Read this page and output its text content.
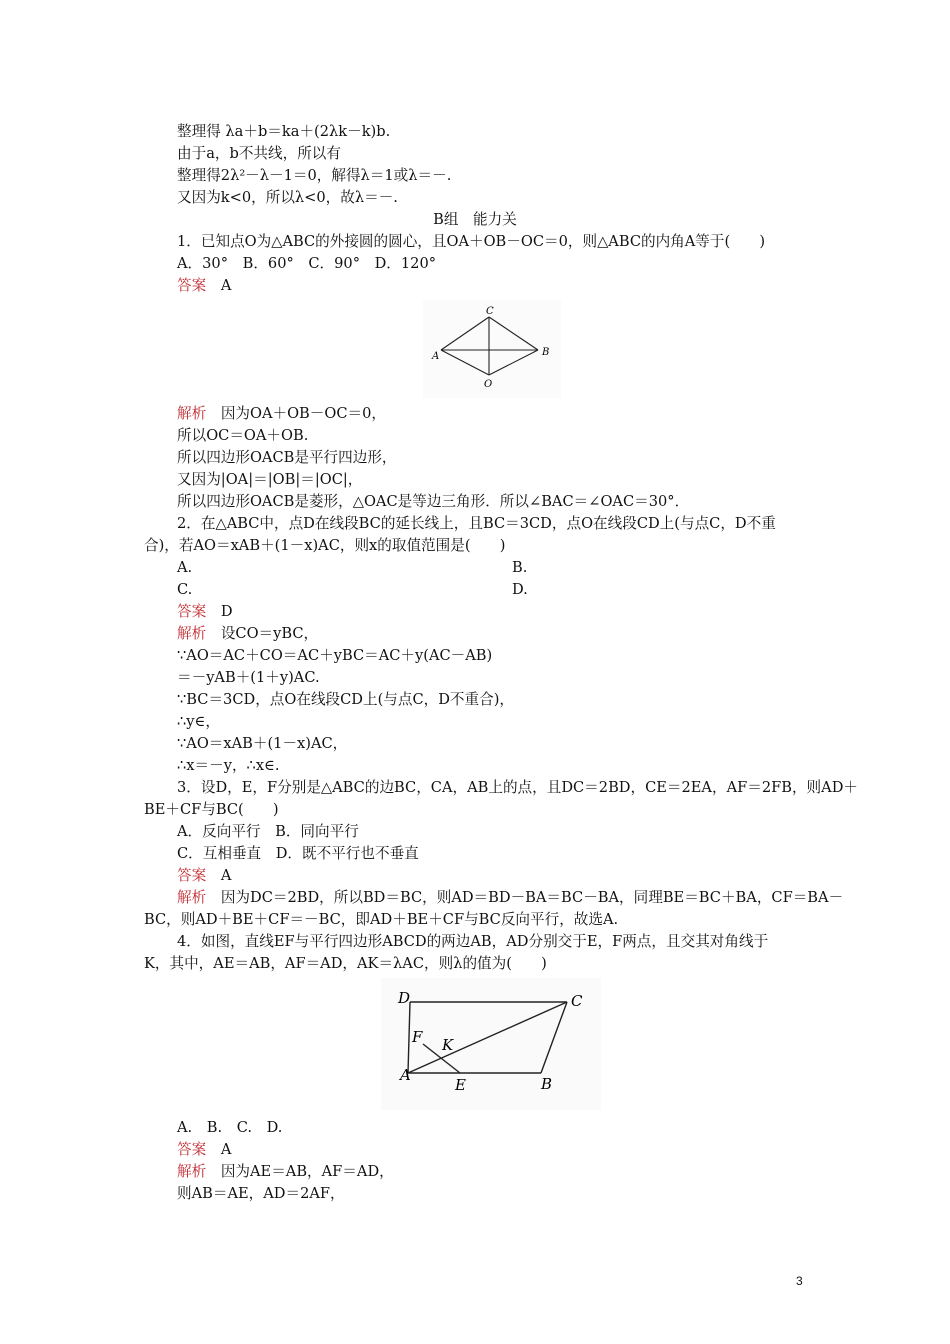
整理得 λa＋b＝ka＋(2λk－k)b.
由于a，b不共线，所以有
整理得2λ²－λ－1＝0，解得λ＝1或λ＝－.
又因为k<0，所以λ<0，故λ＝－.
B组　能力关
1．已知点O为△ABC的外接圆的圆心，且OA＋OB－OC＝0，则△ABC的内角A等于(　　)
A．30°　B．60°　C．90°　D．120°
答案　 A
C
A	B
O
解析　 因为OA＋OB－OC＝0，
所以OC＝OA＋OB.
所以四边形OACB是平行四边形，
又因为|OA|＝|OB|＝|OC|，
所以四边形OACB是菱形，△OAC是等边三角形．所以∠BAC＝∠OAC＝30°．
2．在△ABC中，点D在线段BC的延长线上，且BC＝3CD，点O在线段CD上(与点C，D不重
合)，若AO＝xAB＋(1－x)AC，则x的取值范围是(　　)
A.	B.
C.	D.
答案　 D
解析　 设CO＝yBC，
∵AO＝AC＋CO＝AC＋yBC＝AC＋y(AC－AB)
＝－yAB＋(1＋y)AC.
∵BC＝3CD，点O在线段CD上(与点C，D不重合)，
∴y∈，
∵AO＝xAB＋(1－x)AC，
∴x＝－y，∴x∈.
3．设D，E，F分别是△ABC的边BC，CA，AB上的点，且DC＝2BD，CE＝2EA，AF＝2FB，则AD＋
BE＋CF与BC(　　)
A．反向平行　B．同向平行
C．互相垂直　D．既不平行也不垂直
答案　 A
解析　 因为DC＝2BD，所以BD＝BC，则AD＝BD－BA＝BC－BA，同理BE＝BC＋BA，CF＝BA－
BC，则AD＋BE＋CF＝－BC，即AD＋BE＋CF与BC反向平行，故选A.
4．如图，直线EF与平行四边形ABCD的两边AB，AD分别交于E，F两点，且交其对角线于
K，其中，AE＝AB，AF＝AD，AK＝λAC，则λ的值为(　　)
A	B
C
D
E
F K
A.　B.　C.　D.
答案　 A
解析　 因为AE＝AB，AF＝AD，
则AB＝AE，AD＝2AF，
3
